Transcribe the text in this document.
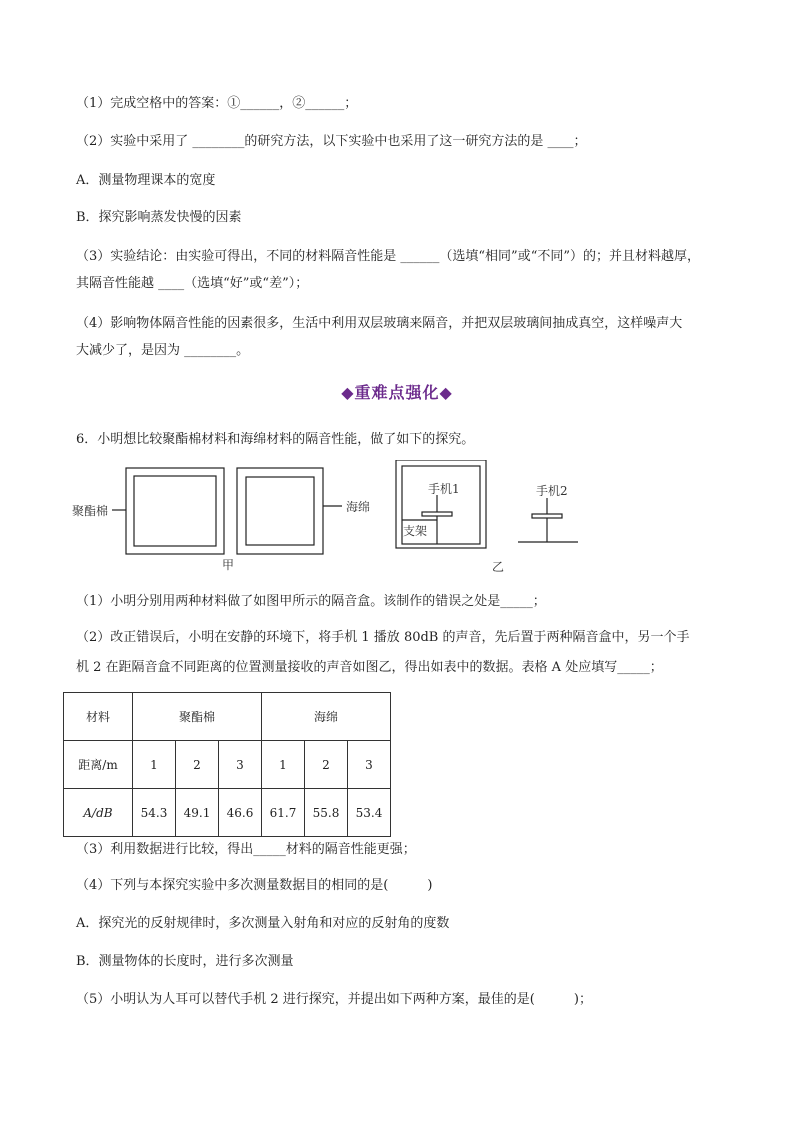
（1）完成空格中的答案：①______，②______；
（2）实验中采用了 ________的研究方法，以下实验中也采用了这一研究方法的是 ____；
A．测量物理课本的宽度
B．探究影响蒸发快慢的因素
（3）实验结论：由实验可得出，不同的材料隔音性能是 ______（选填“相同”或“不同”）的；并且材料越厚，
其隔音性能越 ____（选填“好”或“差”）；
（4）影响物体隔音性能的因素很多，生活中利用双层玻璃来隔音，并把双层玻璃间抽成真空，这样噪声大
大减少了，是因为 ________。
◆重难点强化◆
6．小明想比较聚酯棉材料和海绵材料的隔音性能，做了如下的探究。
聚酯棉	海绵
手机1
支架
手机2
甲	乙
（1）小明分别用两种材料做了如图甲所示的隔音盒。该制作的错误之处是_____；
（2）改正错误后，小明在安静的环境下，将手机 1 播放 80dB 的声音，先后置于两种隔音盒中，另一个手
机 2 在距隔音盒不同距离的位置测量接收的声音如图乙，得出如表中的数据。表格 A 处应填写_____；
材料	聚酯棉			海绵		
距离/m	1	2	3	1	2	3
A/dB	54.3	49.1	46.6	61.7	55.8	53.4
（3）利用数据进行比较，得出_____材料的隔音性能更强；
（4）下列与本探究实验中多次测量数据目的相同的是(　　　)
A．探究光的反射规律时，多次测量入射角和对应的反射角的度数
B．测量物体的长度时，进行多次测量
（5）小明认为人耳可以替代手机 2 进行探究，并提出如下两种方案，最佳的是(　　　)；
